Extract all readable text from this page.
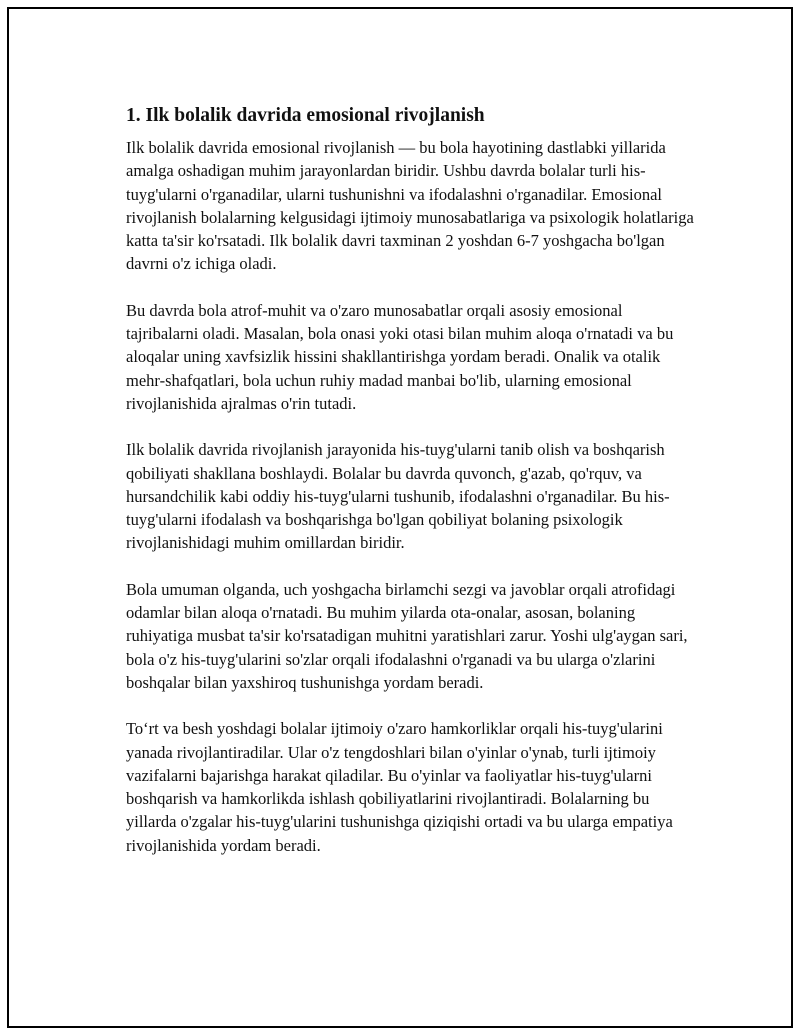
1. Ilk bolalik davrida emosional rivojlanish

Ilk bolalik davrida emosional rivojlanish — bu bola hayotining dastlabki yillarida amalga oshadigan muhim jarayonlardan biridir. Ushbu davrda bolalar turli his-tuyg'ularni o'rganadilar, ularni tushunishni va ifodalashni o'rganadilar. Emosional rivojlanish bolalarning kelgusidagi ijtimoiy munosabatlariga va psixologik holatlariga katta ta'sir ko'rsatadi. Ilk bolalik davri taxminan 2 yoshdan 6-7 yoshgacha bo'lgan davrni o'z ichiga oladi.

Bu davrda bola atrof-muhit va o'zaro munosabatlar orqali asosiy emosional tajribalarni oladi. Masalan, bola onasi yoki otasi bilan muhim aloqa o'rnatadi va bu aloqalar uning xavfsizlik hissini shakllantirishga yordam beradi. Onalik va otalik mehr-shafqatlari, bola uchun ruhiy madad manbai bo'lib, ularning emosional rivojlanishida ajralmas o'rin tutadi.

Ilk bolalik davrida rivojlanish jarayonida his-tuyg'ularni tanib olish va boshqarish qobiliyati shakllana boshlaydi. Bolalar bu davrda quvonch, g'azab, qo'rquv, va hursandchilik kabi oddiy his-tuyg'ularni tushunib, ifodalashni o'rganadilar. Bu his-tuyg'ularni ifodalash va boshqarishga bo'lgan qobiliyat bolaning psixologik rivojlanishidagi muhim omillardan biridir.

Bola umuman olganda, uch yoshgacha birlamchi sezgi va javoblar orqali atrofidagi odamlar bilan aloqa o'rnatadi. Bu muhim yilarda ota-onalar, asosan, bolaning ruhiyatiga musbat ta'sir ko'rsatadigan muhitni yaratishlari zarur. Yoshi ulg'aygan sari, bola o'z his-tuyg'ularini so'zlar orqali ifodalashni o'rganadi va bu ularga o'zlarini boshqalar bilan yaxshiroq tushunishga yordam beradi.

To‘rt va besh yoshdagi bolalar ijtimoiy o'zaro hamkorliklar orqali his-tuyg'ularini yanada rivojlantiradilar. Ular o'z tengdoshlari bilan o'yinlar o'ynab, turli ijtimoiy vazifalarni bajarishga harakat qiladilar. Bu o'yinlar va faoliyatlar his-tuyg'ularni boshqarish va hamkorlikda ishlash qobiliyatlarini rivojlantiradi. Bolalarning bu yillarda o'zgalar his-tuyg'ularini tushunishga qiziqishi ortadi va bu ularga empatiya rivojlanishida yordam beradi.
